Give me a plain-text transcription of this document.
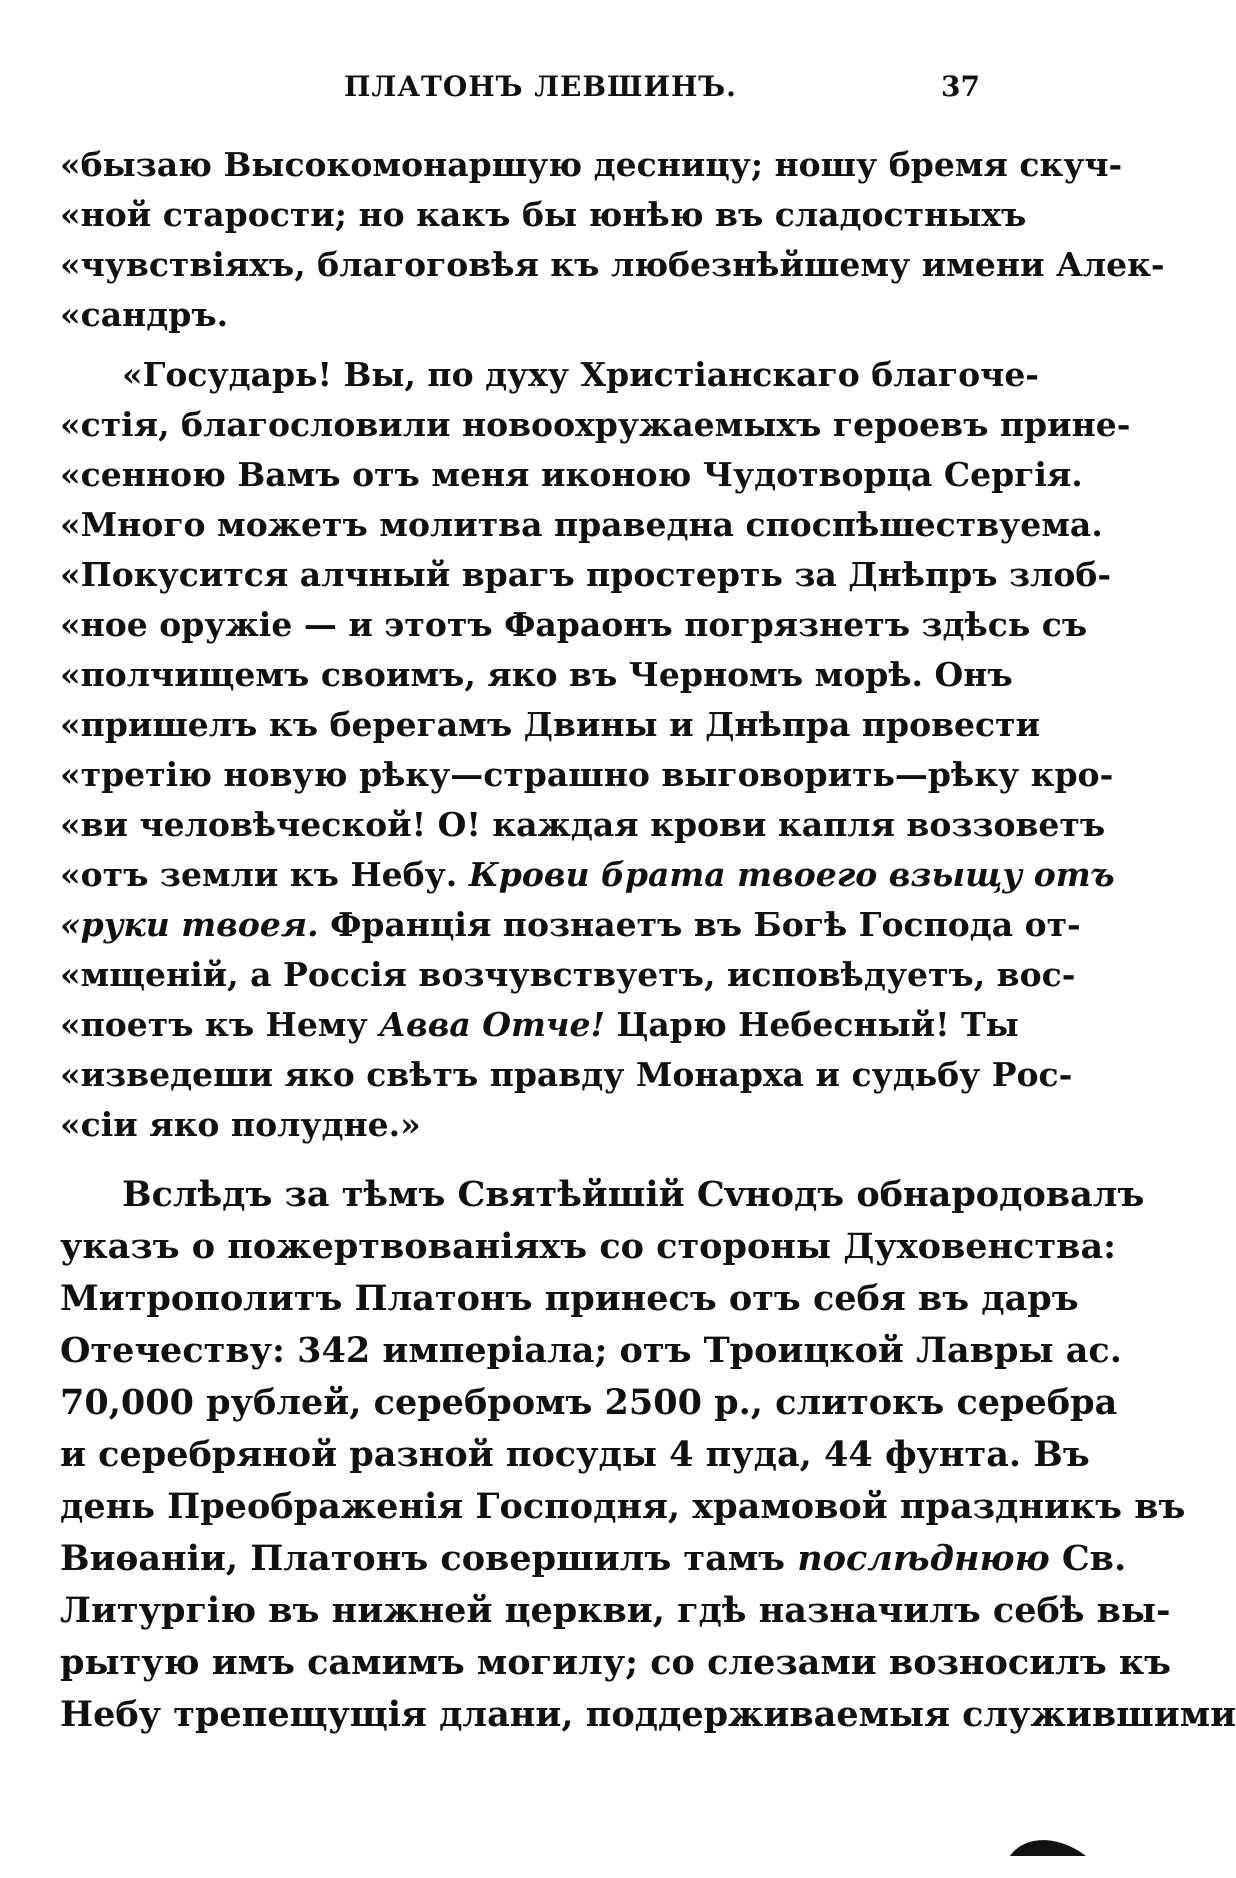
ПЛАТОНЪ ЛЕВШИНЪ.	37
«бызаю Высокомонаршую десницу; ношу бремя скуч-
«ной старости; но какъ бы юнѣю въ сладостныхъ
«чувствіяхъ, благоговѣя къ любезнѣйшему имени Алек-
«сандръ.
«Государь! Вы, по духу Христіанскаго благоче-
«стія, благословили новоохружаемыхъ героевъ прине-
«сенною Вамъ отъ меня иконою Чудотворца Сергія.
«Много можетъ молитва праведна споспѣшествуема.
«Покусится алчный врагъ простерть за Днѣпръ злоб-
«ное оружіе — и этотъ Фараонъ погрязнетъ здѣсь съ
«полчищемъ своимъ, яко въ Черномъ морѣ. Онъ
«пришелъ къ берегамъ Двины и Днѣпра провести
«третію новую рѣку—страшно выговорить—рѣку кро-
«ви человѣческой! О! каждая крови капля воззоветъ
«отъ земли къ Небу. Крови брата твоего взыщу отъ
«руки твоея. Франція познаетъ въ Богѣ Господа от-
«мщеній, а Россія возчувствуетъ, исповѣдуетъ, вос-
«поетъ къ Нему Авва Отче! Царю Небесный! Ты
«изведеши яко свѣтъ правду Монарха и судьбу Рос-
«сіи яко полудне.»
Вслѣдъ за тѣмъ Святѣйшій Сvнодъ обнародовалъ
указъ о пожертвованіяхъ со стороны Духовенства:
Митрополитъ Платонъ принесъ отъ себя въ даръ
Отечеству: 342 имперіала; отъ Троицкой Лавры ас.
70,000 рублей, серебромъ 2500 р., слитокъ серебра
и серебряной разной посуды 4 пуда, 44 фунта. Въ
день Преображенія Господня, храмовой праздникъ въ
Виѳаніи, Платонъ совершилъ тамъ послѣднюю Св.
Литургію въ нижней церкви, гдѣ назначилъ себѣ вы-
рытую имъ самимъ могилу; со слезами возносилъ къ
Небу трепещущія длани, поддерживаемыя служившими
